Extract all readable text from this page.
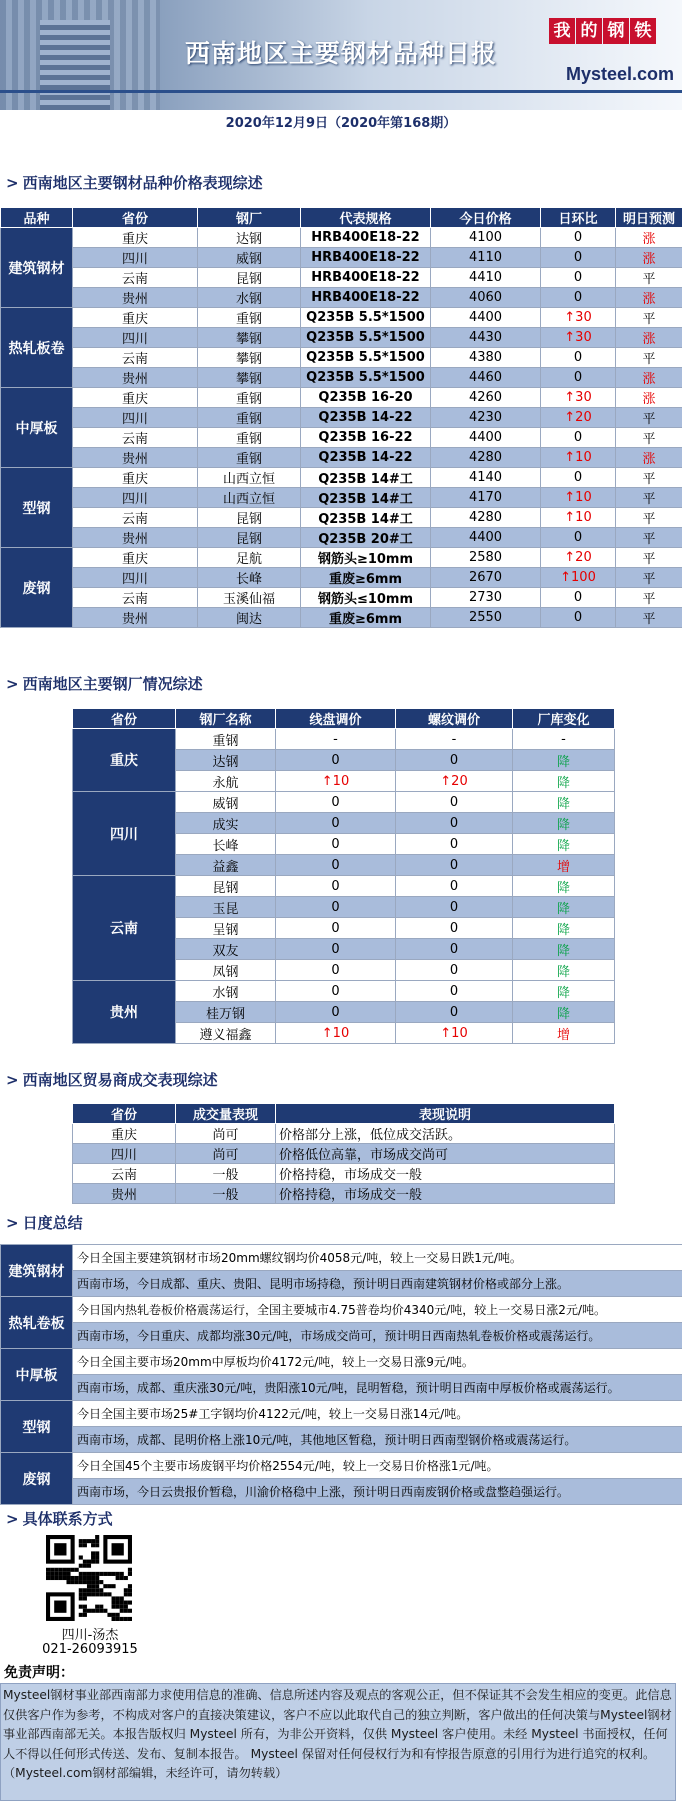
西南地区主要钢材品种日报
我 的 钢 铁
Mysteel.com
2020年12月9日（2020年第168期）
> 西南地区主要钢材品种价格表现综述
品种	省份	钢厂	代表规格	今日价格	日环比	明日预测
建筑钢材	重庆	达钢	HRB400E18-22	4100	0	涨
	四川	威钢	HRB400E18-22	4110	0	涨
	云南	昆钢	HRB400E18-22	4410	0	平
	贵州	水钢	HRB400E18-22	4060	0	涨
热轧板卷	重庆	重钢	Q235B 5.5*1500	4400	↑30	平
	四川	攀钢	Q235B 5.5*1500	4430	↑30	涨
	云南	攀钢	Q235B 5.5*1500	4380	0	平
	贵州	攀钢	Q235B 5.5*1500	4460	0	涨
中厚板	重庆	重钢	Q235B 16-20	4260	↑30	涨
	四川	重钢	Q235B 14-22	4230	↑20	平
	云南	重钢	Q235B 16-22	4400	0	平
	贵州	重钢	Q235B 14-22	4280	↑10	涨
型钢	重庆	山西立恒	Q235B 14#工	4140	0	平
	四川	山西立恒	Q235B 14#工	4170	↑10	平
	云南	昆钢	Q235B 14#工	4280	↑10	平
	贵州	昆钢	Q235B 20#工	4400	0	平
废钢	重庆	足航	钢筋头≥10mm	2580	↑20	平
	四川	长峰	重废≥6mm	2670	↑100	平
	云南	玉溪仙福	钢筋头≤10mm	2730	0	平
	贵州	闽达	重废≥6mm	2550	0	平
> 西南地区主要钢厂情况综述
省份	钢厂名称	线盘调价	螺纹调价	厂库变化
重庆	重钢	-	-	-
	达钢	0	0	降
	永航	↑10	↑20	降
四川	威钢	0	0	降
	成实	0	0	降
	长峰	0	0	降
	益鑫	0	0	增
云南	昆钢	0	0	降
	玉昆	0	0	降
	呈钢	0	0	降
	双友	0	0	降
	凤钢	0	0	降
贵州	水钢	0	0	降
	桂万钢	0	0	降
	遵义福鑫	↑10	↑10	增
> 西南地区贸易商成交表现综述
省份	成交量表现	表现说明
重庆	尚可	价格部分上涨，低位成交活跃。
四川	尚可	价格低位高靠，市场成交尚可
云南	一般	价格持稳，市场成交一般
贵州	一般	价格持稳，市场成交一般
> 日度总结
建筑钢材	今日全国主要建筑钢材市场20mm螺纹钢均价4058元/吨，较上一交易日跌1元/吨。
	西南市场，今日成都、重庆、贵阳、昆明市场持稳，预计明日西南建筑钢材价格或部分上涨。
热轧卷板	今日国内热轧卷板价格震荡运行，全国主要城市4.75普卷均价4340元/吨，较上一交易日涨2元/吨。
	西南市场，今日重庆、成都均涨30元/吨，市场成交尚可，预计明日西南热轧卷板价格或震荡运行。
中厚板	今日全国主要市场20mm中厚板均价4172元/吨，较上一交易日涨9元/吨。
	西南市场，成都、重庆涨30元/吨，贵阳涨10元/吨，昆明暂稳，预计明日西南中厚板价格或震荡运行。
型钢	今日全国主要市场25#工字钢均价4122元/吨，较上一交易日涨14元/吨。
	西南市场，成都、昆明价格上涨10元/吨，其他地区暂稳，预计明日西南型钢价格或震荡运行。
废钢	今日全国45个主要市场废钢平均价格2554元/吨，较上一交易日价格涨1元/吨。
	西南市场，今日云贵报价暂稳，川渝价格稳中上涨，预计明日西南废钢价格或盘整趋强运行。
> 具体联系方式
四川-汤杰
021-26093915
免责声明：
Mysteel钢材事业部西南部力求使用信息的准确、信息所述内容及观点的客观公正，但不保证其不会发生相应的变更。此信息仅供客户作为参考，不构成对客户的直接决策建议，客户不应以此取代自己的独立判断，客户做出的任何决策与Mysteel钢材事业部西南部无关。本报告版权归 Mysteel 所有，为非公开资料，仅供 Mysteel 客户使用。未经 Mysteel 书面授权，任何人不得以任何形式传送、发布、复制本报告。 Mysteel 保留对任何侵权行为和有悖报告原意的引用行为进行追究的权利。（Mysteel.com钢材部编辑，未经许可，请勿转载）
